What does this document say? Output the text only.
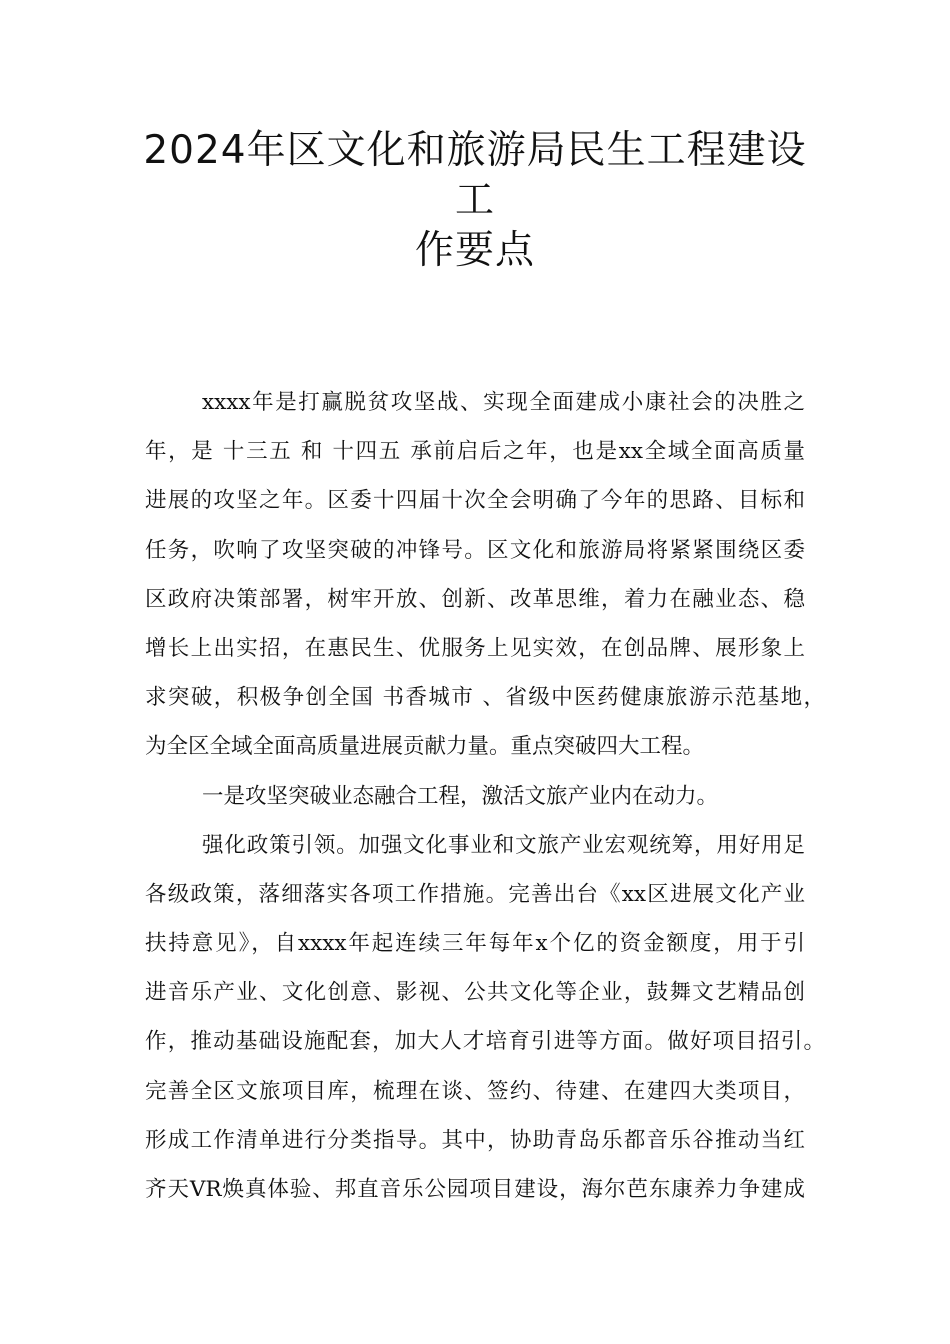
2024年区文化和旅游局民生工程建设工
作要点
xxxx年是打赢脱贫攻坚战、实现全面建成小康社会的决胜之
年，是 十三五 和 十四五 承前启后之年，也是xx全域全面高质量
进展的攻坚之年。区委十四届十次全会明确了今年的思路、目标和
任务，吹响了攻坚突破的冲锋号。区文化和旅游局将紧紧围绕区委
区政府决策部署，树牢开放、创新、改革思维，着力在融业态、稳
增长上出实招，在惠民生、优服务上见实效，在创品牌、展形象上
求突破，积极争创全国 书香城市 、省级中医药健康旅游示范基地，
为全区全域全面高质量进展贡献力量。重点突破四大工程。
一是攻坚突破业态融合工程，激活文旅产业内在动力。
强化政策引领。加强文化事业和文旅产业宏观统筹，用好用足
各级政策，落细落实各项工作措施。完善出台《xx区进展文化产业
扶持意见》，自xxxx年起连续三年每年x个亿的资金额度，用于引
进音乐产业、文化创意、影视、公共文化等企业，鼓舞文艺精品创
作，推动基础设施配套，加大人才培育引进等方面。做好项目招引。
完善全区文旅项目库，梳理在谈、签约、待建、在建四大类项目，
形成工作清单进行分类指导。其中，协助青岛乐都音乐谷推动当红
齐天VR焕真体验、邦直音乐公园项目建设，海尔芭东康养力争建成
